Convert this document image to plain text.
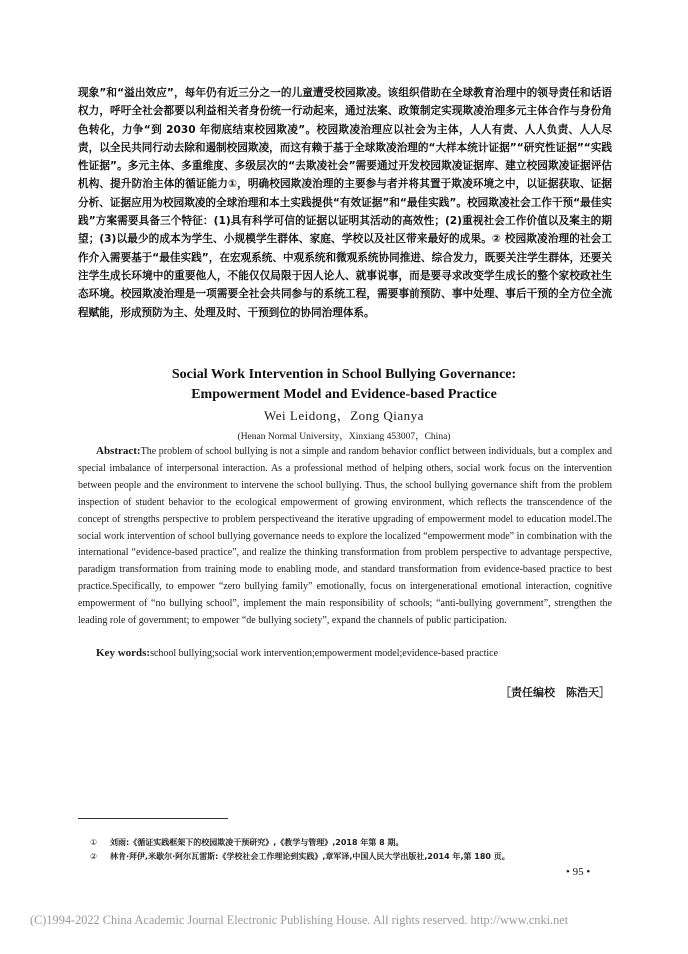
现象”和“溢出效应”，每年仍有近三分之一的儿童遭受校园欺凌。该组织借助在全球教育治理中的领导责任和话语权力，呼吁全社会都要以利益相关者身份统一行动起来，通过法案、政策制定实现欺凌治理多元主体合作与身份角色转化，力争“到 2030 年彻底结束校园欺凌”。校园欺凌治理应以社会为主体，人人有责、人人负责、人人尽责，以全民共同行动去除和遏制校园欺凌，而这有赖于基于全球欺凌治理的“大样本统计证据”“研究性证据”“实践性证据”。多元主体、多重维度、多级层次的“去欺凌社会”需要通过开发校园欺凌证据库、建立校园欺凌证据评估机构、提升防治主体的循证能力①，明确校园欺凌治理的主要参与者并将其置于欺凌环境之中，以证据获取、证据分析、证据应用为校园欺凌的全球治理和本土实践提供“有效证据”和“最佳实践”。校园欺凌社会工作干预“最佳实践”方案需要具备三个特征：(1)具有科学可信的证据以证明其活动的高效性；(2)重视社会工作价值以及案主的期望；(3)以最少的成本为学生、小规模学生群体、家庭、学校以及社区带来最好的成果。② 校园欺凌治理的社会工作介入需要基于“最佳实践”，在宏观系统、中观系统和微观系统协同推进、综合发力，既要关注学生群体，还要关注学生成长环境中的重要他人，不能仅仅局限于因人论人、就事说事，而是要寻求改变学生成长的整个家校政社生态环境。校园欺凌治理是一项需要全社会共同参与的系统工程，需要事前预防、事中处理、事后干预的全方位全流程赋能，形成预防为主、处理及时、干预到位的协同治理体系。
Social Work Intervention in School Bullying Governance:
Empowerment Model and Evidence-based Practice
Wei Leidong，Zong Qianya
(Henan Normal University，Xinxiang 453007，China)
Abstract:The problem of school bullying is not a simple and random behavior conflict between individuals, but a complex and special imbalance of interpersonal interaction. As a professional method of helping others, social work focus on the intervention between people and the environment to intervene the school bullying. Thus, the school bullying governance shift from the problem inspection of student behavior to the ecological empowerment of growing environment, which reflects the transcendence of the concept of strengths perspective to problem perspectiveand the iterative upgrading of empowerment model to education model.The social work intervention of school bullying governance needs to explore the localized “empowerment mode” in combination with the international “evidence-based practice”, and realize the thinking transformation from problem perspective to advantage perspective, paradigm transformation from training mode to enabling mode, and standard transformation from evidence-based practice to best practice.Specifically, to empower “zero bullying family” emotionally, focus on intergenerational emotional interaction, cognitive empowerment of “no bullying school”, implement the main responsibility of schools; “anti-bullying government”, strengthen the leading role of government; to empower “de bullying society”, expand the channels of public participation.
Key words:school bullying;social work intervention;empowerment model;evidence-based practice
［责任编校　陈浩天］
① 刘雨:《循证实践框架下的校园欺凌干预研究》,《教学与管理》,2018 年第 8 期。
② 林肯·拜伊,米歇尔·阿尔瓦雷斯:《学校社会工作理论到实践》,章军译,中国人民大学出版社,2014 年,第 180 页。
• 95 •
(C)1994-2022 China Academic Journal Electronic Publishing House. All rights reserved. http://www.cnki.net
